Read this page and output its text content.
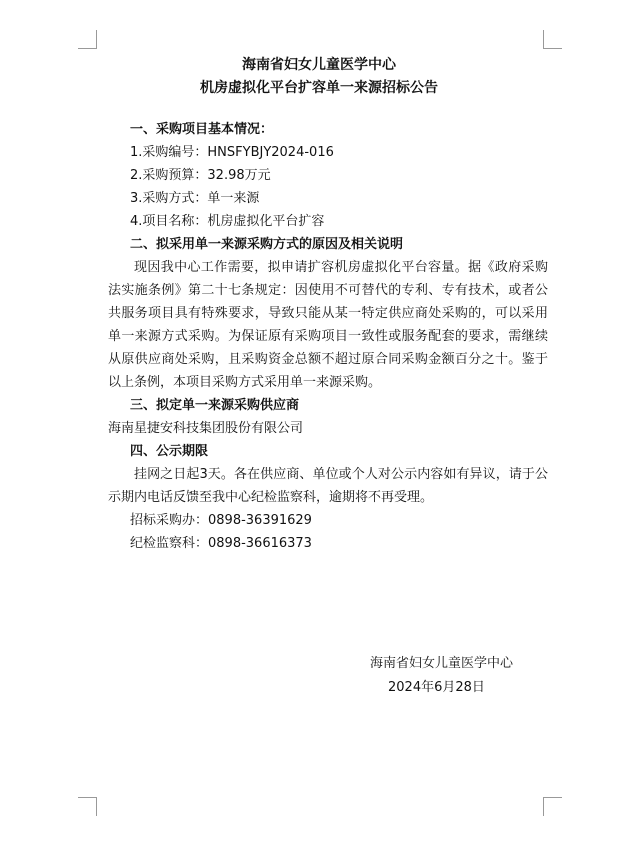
海南省妇女儿童医学中心
机房虚拟化平台扩容单一来源招标公告
一、采购项目基本情况：
1.采购编号：HNSFYBJY2024-016
2.采购预算：32.98万元
3.采购方式：单一来源
4.项目名称：机房虚拟化平台扩容
二、拟采用单一来源采购方式的原因及相关说明
现因我中心工作需要，拟申请扩容机房虚拟化平台容量。据《政府采购法实施条例》第二十七条规定：因使用不可替代的专利、专有技术，或者公共服务项目具有特殊要求，导致只能从某一特定供应商处采购的，可以采用单一来源方式采购。为保证原有采购项目一致性或服务配套的要求，需继续从原供应商处采购，且采购资金总额不超过原合同采购金额百分之十。鉴于以上条例，本项目采购方式采用单一来源采购。
三、拟定单一来源采购供应商
海南星捷安科技集团股份有限公司
四、公示期限
挂网之日起3天。各在供应商、单位或个人对公示内容如有异议，请于公示期内电话反馈至我中心纪检监察科，逾期将不再受理。
招标采购办：0898-36391629
纪检监察科：0898-36616373
海南省妇女儿童医学中心
2024年6月28日
